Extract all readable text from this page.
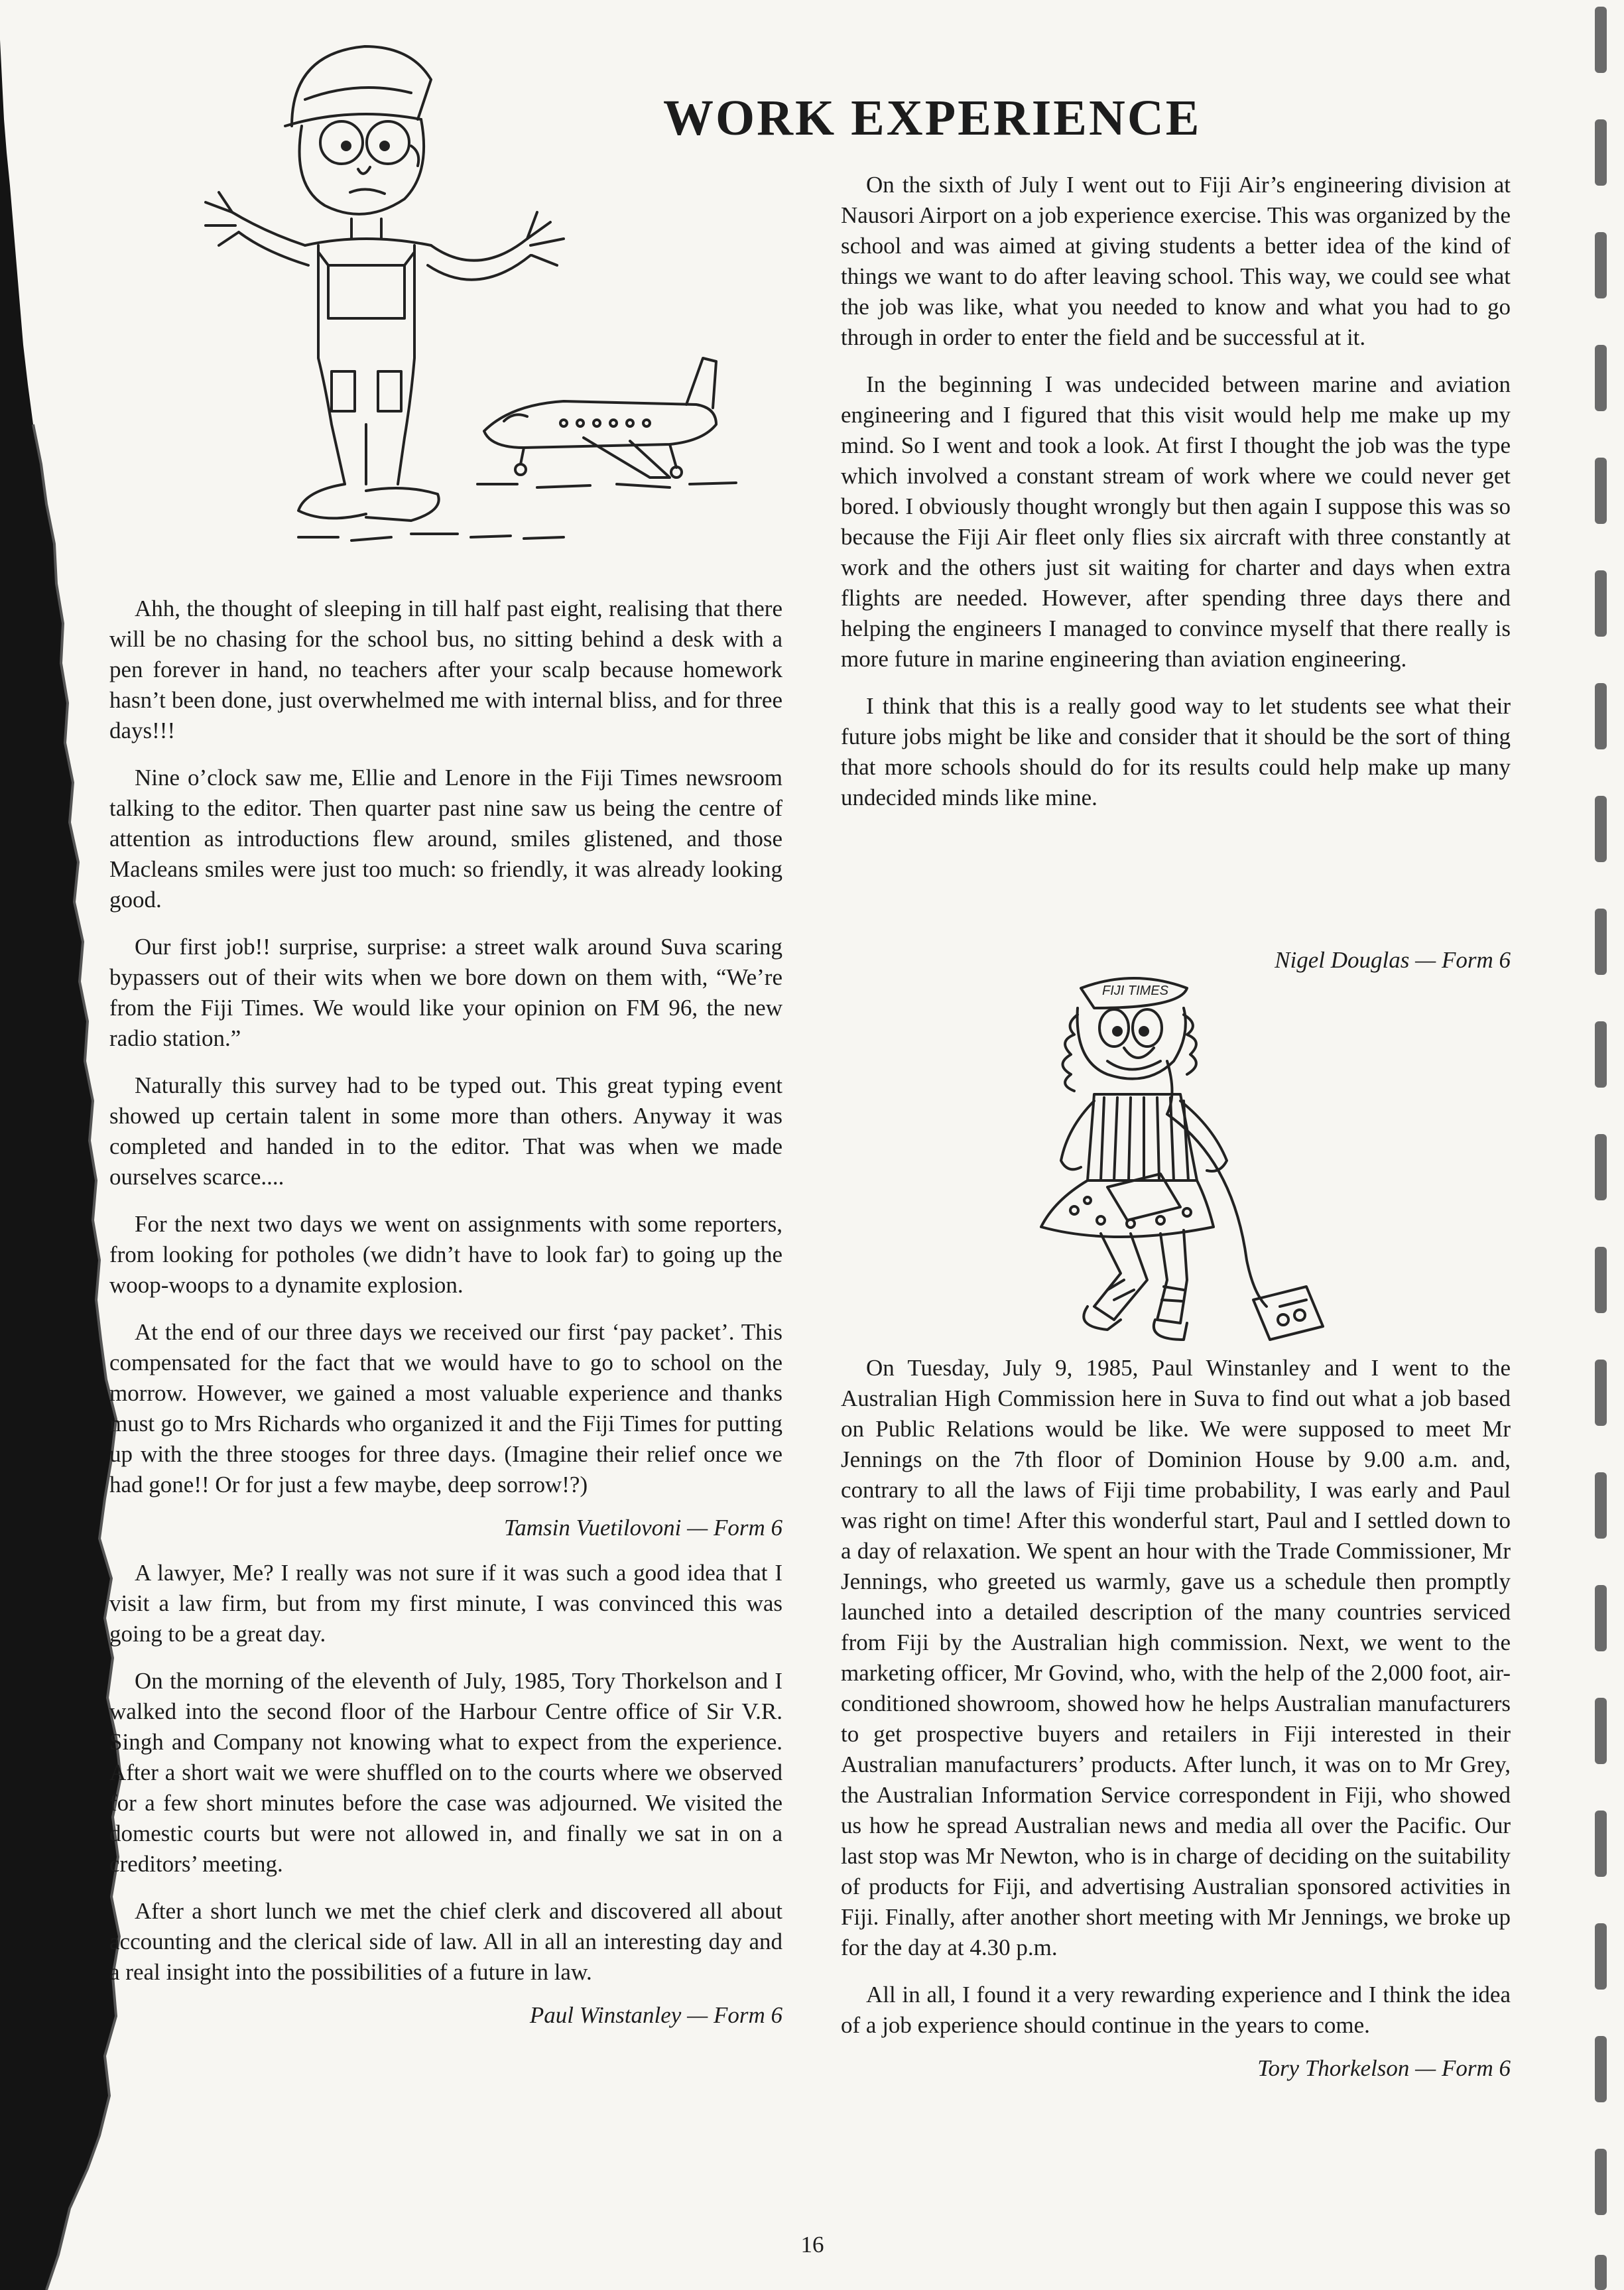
WORK EXPERIENCE

Ahh, the thought of sleeping in till half past eight, realising that there will be no chasing for the school bus, no sitting behind a desk with a pen forever in hand, no teachers after your scalp because homework hasn’t been done, just overwhelmed me with internal bliss, and for three days!!!

Nine o’clock saw me, Ellie and Lenore in the Fiji Times newsroom talking to the editor. Then quarter past nine saw us being the centre of attention as introductions flew around, smiles glistened, and those Macleans smiles were just too much: so friendly, it was already looking good.

Our first job!! surprise, surprise: a street walk around Suva scaring bypassers out of their wits when we bore down on them with, “We’re from the Fiji Times. We would like your opinion on FM 96, the new radio station.”

Naturally this survey had to be typed out. This great typing event showed up certain talent in some more than others. Anyway it was completed and handed in to the editor. That was when we made ourselves scarce....

For the next two days we went on assignments with some reporters, from looking for potholes (we didn’t have to look far) to going up the woop-woops to a dynamite explosion.

At the end of our three days we received our first ‘pay packet’. This compensated for the fact that we would have to go to school on the morrow. However, we gained a most valuable experience and thanks must go to Mrs Richards who organized it and the Fiji Times for putting up with the three stooges for three days. (Imagine their relief once we had gone!! Or for just a few maybe, deep sorrow!?)

Tamsin Vuetilovoni — Form 6

A lawyer, Me? I really was not sure if it was such a good idea that I visit a law firm, but from my first minute, I was convinced this was going to be a great day.

On the morning of the eleventh of July, 1985, Tory Thorkelson and I walked into the second floor of the Harbour Centre office of Sir V.R. Singh and Company not knowing what to expect from the experience. After a short wait we were shuffled on to the courts where we observed for a few short minutes before the case was adjourned. We visited the domestic courts but were not allowed in, and finally we sat in on a creditors’ meeting.

After a short lunch we met the chief clerk and discovered all about accounting and the clerical side of law. All in all an interesting day and a real insight into the possibilities of a future in law.

Paul Winstanley — Form 6

On the sixth of July I went out to Fiji Air’s engineering division at Nausori Airport on a job experience exercise. This was organized by the school and was aimed at giving students a better idea of the kind of things we want to do after leaving school. This way, we could see what the job was like, what you needed to know and what you had to go through in order to enter the field and be successful at it.

In the beginning I was undecided between marine and aviation engineering and I figured that this visit would help me make up my mind. So I went and took a look. At first I thought the job was the type which involved a constant stream of work where we could never get bored. I obviously thought wrongly but then again I suppose this was so because the Fiji Air fleet only flies six aircraft with three constantly at work and the others just sit waiting for charter and days when extra flights are needed. However, after spending three days there and helping the engineers I managed to convince myself that there really is more future in marine engineering than aviation engineering.

I think that this is a really good way to let students see what their future jobs might be like and consider that it should be the sort of thing that more schools should do for its results could help make up many undecided minds like mine.

Nigel Douglas — Form 6

FIJI TIMES

On Tuesday, July 9, 1985, Paul Winstanley and I went to the Australian High Commission here in Suva to find out what a job based on Public Relations would be like. We were supposed to meet Mr Jennings on the 7th floor of Dominion House by 9.00 a.m. and, contrary to all the laws of Fiji time probability, I was early and Paul was right on time! After this wonderful start, Paul and I settled down to a day of relaxation. We spent an hour with the Trade Commissioner, Mr Jennings, who greeted us warmly, gave us a schedule then promptly launched into a detailed description of the many countries serviced from Fiji by the Australian high commission. Next, we went to the marketing officer, Mr Govind, who, with the help of the 2,000 foot, air-conditioned showroom, showed how he helps Australian manufacturers to get prospective buyers and retailers in Fiji interested in their Australian manufacturers’ products. After lunch, it was on to Mr Grey, the Australian Information Service correspondent in Fiji, who showed us how he spread Australian news and media all over the Pacific. Our last stop was Mr Newton, who is in charge of deciding on the suitability of products for Fiji, and advertising Australian sponsored activities in Fiji. Finally, after another short meeting with Mr Jennings, we broke up for the day at 4.30 p.m.

All in all, I found it a very rewarding experience and I think the idea of a job experience should continue in the years to come.

Tory Thorkelson — Form 6

16
